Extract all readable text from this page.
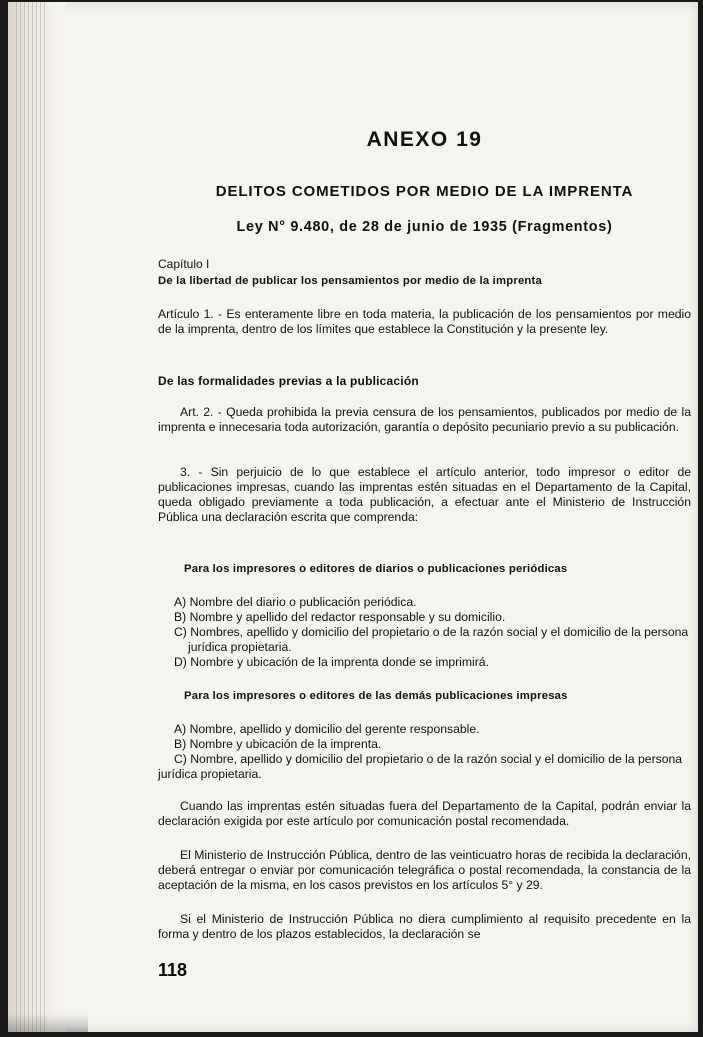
ANEXO 19
DELITOS COMETIDOS POR MEDIO DE LA IMPRENTA
Ley N° 9.480, de 28 de junio de 1935 (Fragmentos)
Capítulo I
De la libertad de publicar los pensamientos por medio de la imprenta
Artículo 1. - Es enteramente libre en toda materia, la publicación de los pensamientos por medio de la imprenta, dentro de los límites que establece la Constitución y la presente ley.
De las formalidades previas a la publicación
Art. 2. - Queda prohibida la previa censura de los pensamientos, publicados por medio de la imprenta e innecesaria toda autorización, garantía o depósito pecuniario previo a su publicación.
3. - Sin perjuicio de lo que establece el artículo anterior, todo impresor o editor de publicaciones impresas, cuando las imprentas estén situadas en el Departamento de la Capital, queda obligado previamente a toda publicación, a efectuar ante el Ministerio de Instrucción Pública una declaración escrita que comprenda:
Para los impresores o editores de diarios o publicaciones periódicas
A) Nombre del diario o publicación periódica.
B) Nombre y apellido del redactor responsable y su domicilio.
C) Nombres, apellido y domicilio del propietario o de la razón social y el domicilio de la persona jurídica propietaria.
D) Nombre y ubicación de la imprenta donde se imprimirá.
Para los impresores o editores de las demás publicaciones impresas
A) Nombre, apellido y domicilio del gerente responsable.
B) Nombre y ubicación de la imprenta.
C) Nombre, apellido y domicilio del propietario o de la razón social y el domicilio de la persona jurídica propietaria.
Cuando las imprentas estén situadas fuera del Departamento de la Capital, podrán enviar la declaración exigida por este artículo por comunicación postal recomendada.
El Ministerio de Instrucción Pública, dentro de las veinticuatro horas de recibida la declaración, deberá entregar o enviar por comunicación telegráfica o postal recomendada, la constancia de la aceptación de la misma, en los casos previstos en los artículos 5° y 29.
Si el Ministerio de Instrucción Pública no diera cumplimiento al requisito precedente en la forma y dentro de los plazos establecidos, la declaración se
118
